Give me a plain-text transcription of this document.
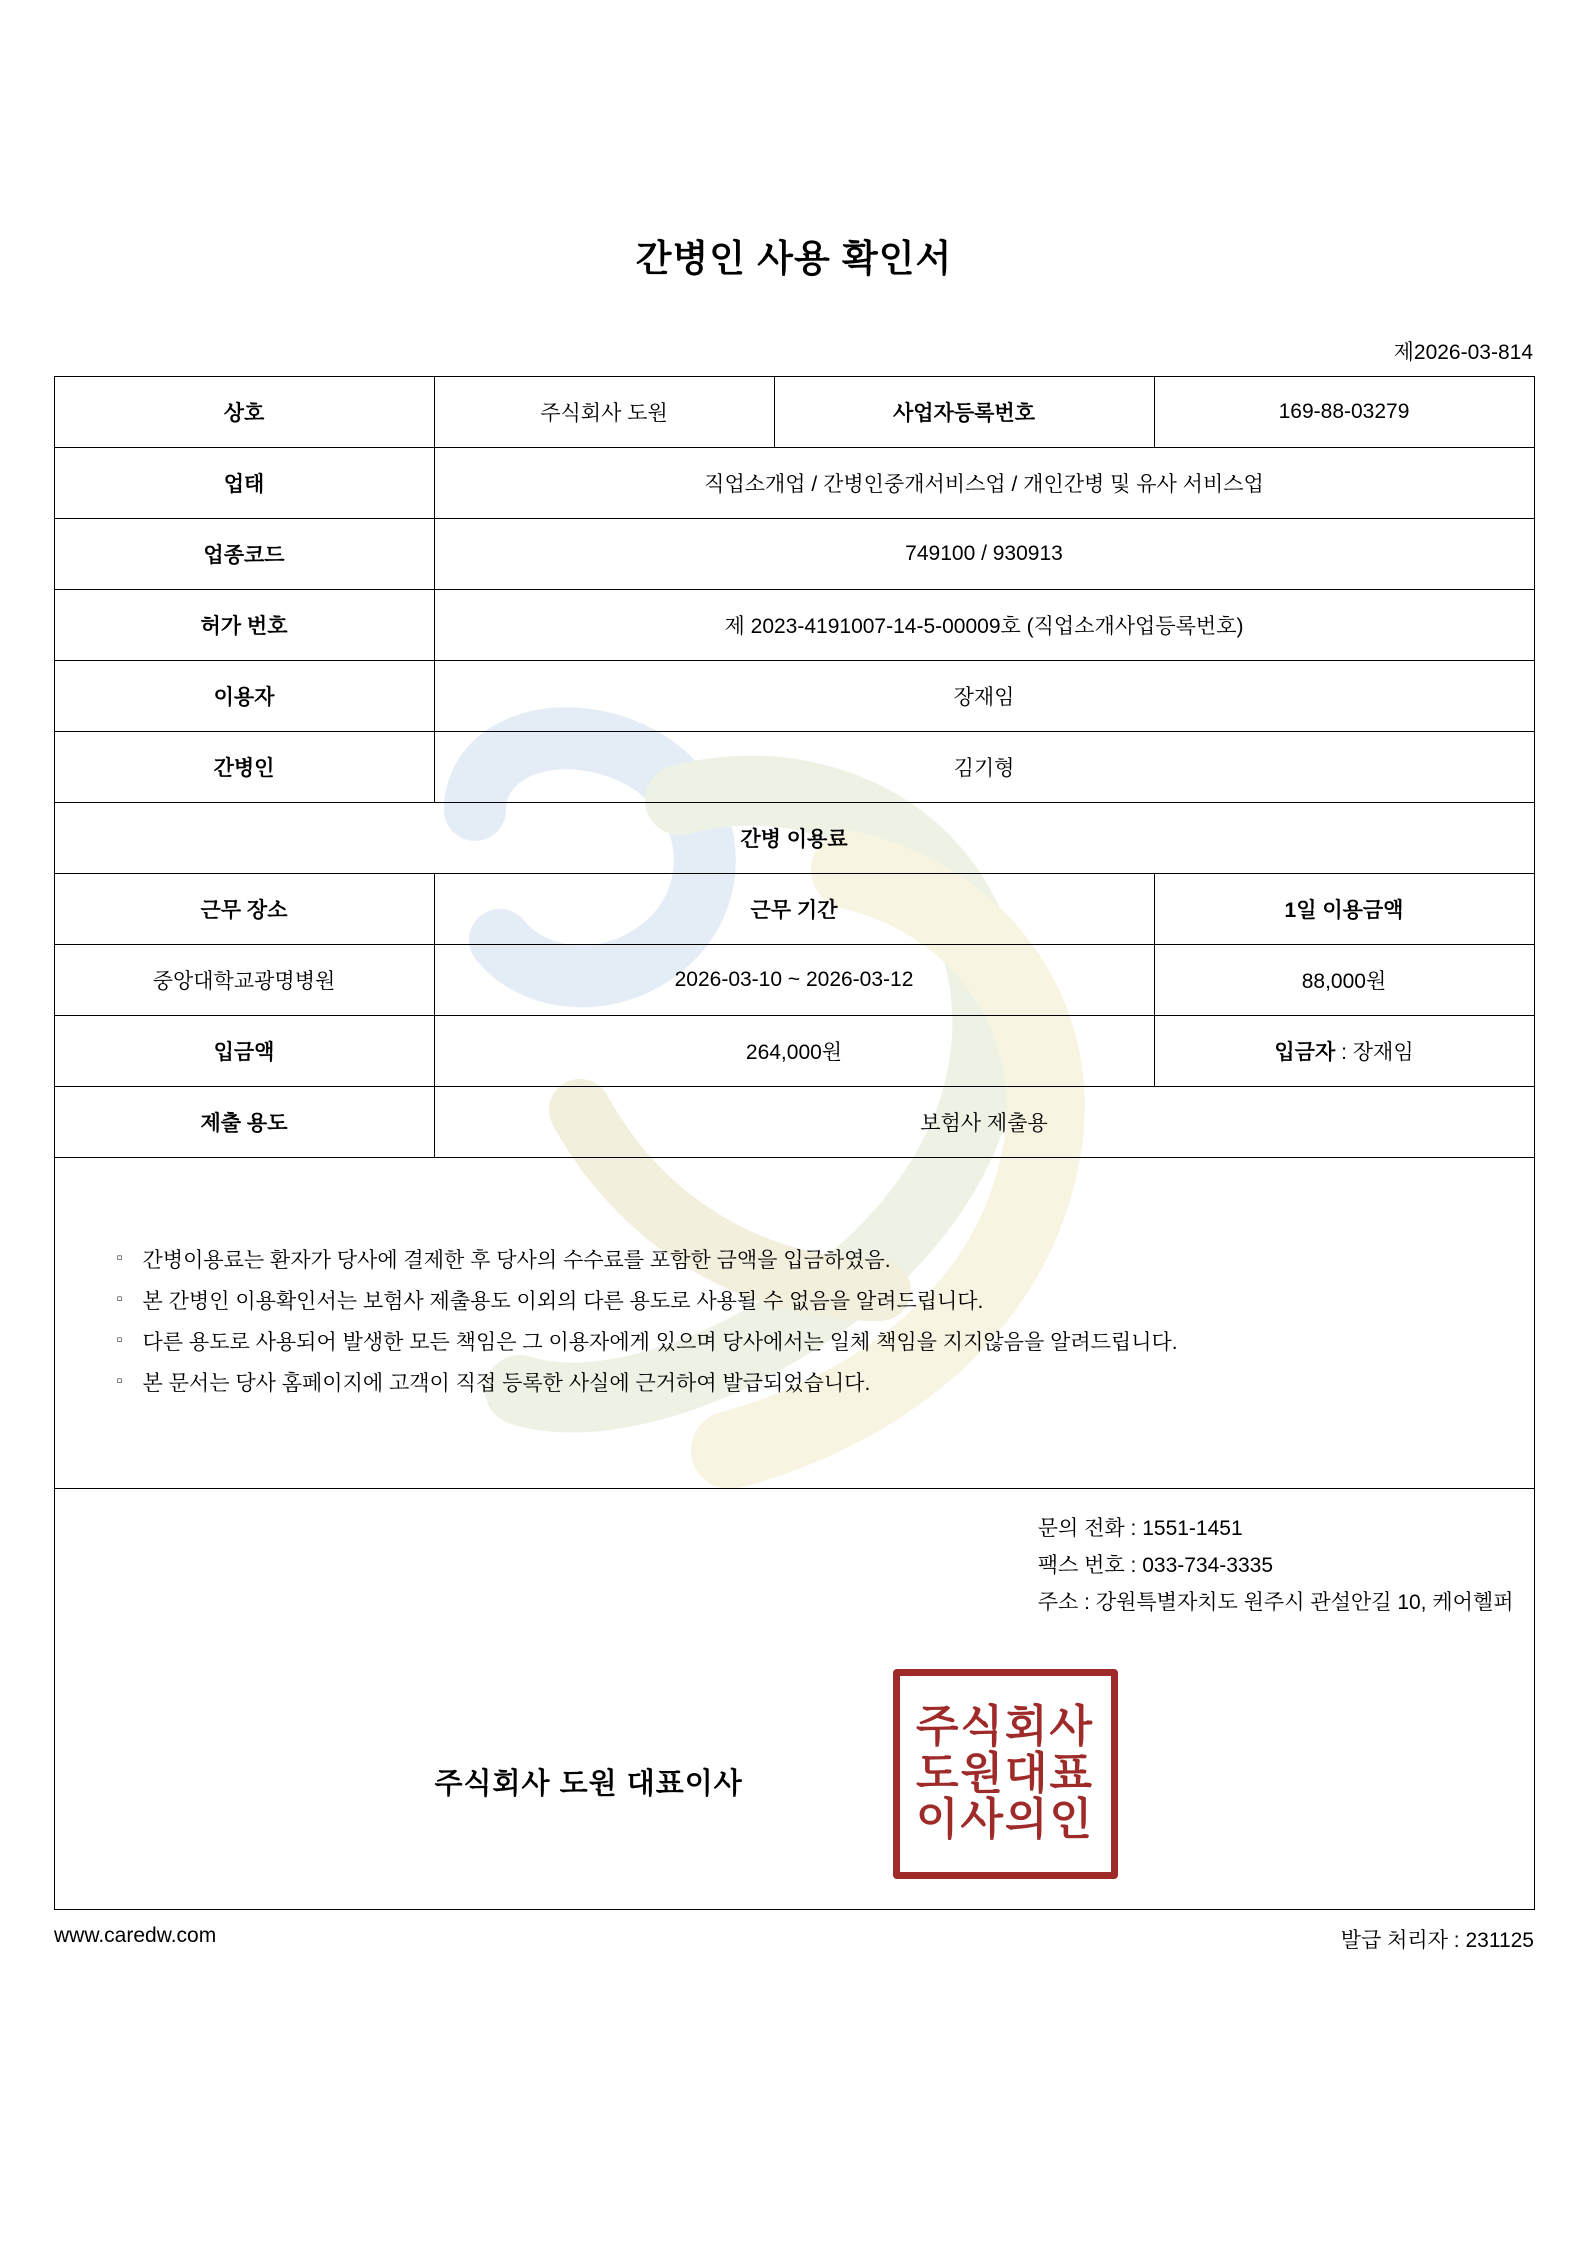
간병인 사용 확인서
제2026-03-814
상호	주식회사 도원	사업자등록번호	169-88-03279
업태	직업소개업 / 간병인중개서비스업 / 개인간병 및 유사 서비스업		
업종코드	749100 / 930913		
허가 번호	제 2023-4191007-14-5-00009호 (직업소개사업등록번호)		
이용자	장재임		
간병인	김기형		
간병 이용료			
근무 장소	근무 기간		1일 이용금액
중앙대학교광명병원	2026-03-10 ~ 2026-03-12		88,000원
입금액	264,000원		입금자 : 장재임
제출 용도	보험사 제출용		

▫ 간병이용료는 환자가 당사에 결제한 후 당사의 수수료를 포함한 금액을 입금하였음.
▫ 본 간병인 이용확인서는 보험사 제출용도 이외의 다른 용도로 사용될 수 없음을 알려드립니다.
▫ 다른 용도로 사용되어 발생한 모든 책임은 그 이용자에게 있으며 당사에서는 일체 책임을 지지않음을 알려드립니다.
▫ 본 문서는 당사 홈페이지에 고객이 직접 등록한 사실에 근거하여 발급되었습니다.

문의 전화 : 1551-1451
팩스 번호 : 033-734-3335
주소 : 강원특별자치도 원주시 관설안길 10, 케어헬퍼
주식회사 도원 대표이사
주식회사
도원대표
이사의인
www.caredw.com	발급 처리자 : 231125
